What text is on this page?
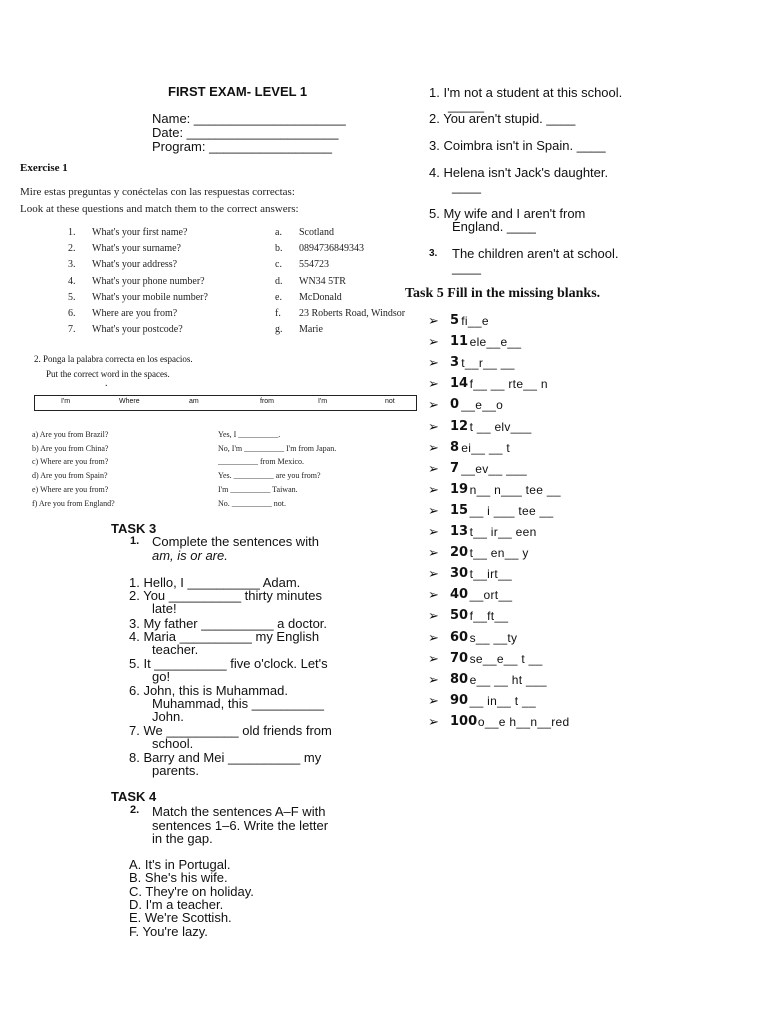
FIRST EXAM- LEVEL 1
Name: _____________________
Date: _____________________
Program: _________________
Exercise 1
Mire estas preguntas y conéctelas con las respuestas correctas:
Look at these questions and match them to the correct answers:
1. What's your first name?	a. Scotland
2. What's your surname?	b. 0894736849343
3. What's your address?	c. 554723
4. What's your phone number?	d. WN34 5TR
5. What's your mobile number?	e. McDonald
6. Where are you from?	f. 23 Roberts Road, Windsor
7. What's your postcode?	g. Marie
2. Ponga la palabra correcta en los espacios.
Put the correct word in the spaces.
.
I'm	Where	am	from	I'm	not
a) Are you from Brazil?	Yes, I __________.
b) Are you from China?	No, I'm __________ I'm from Japan.
c) Where are you from?	__________ from Mexico.
d) Are you from Spain?	Yes. __________ are you from?
e) Where are you from?	I'm __________ Taiwan.
f) Are you from England?	No. __________ not.
TASK 3
1. Complete the sentences with
am, is or are.
1. Hello, I __________ Adam.
2. You __________ thirty minutes
late!
3. My father __________ a doctor.
4. Maria __________ my English
teacher.
5. It __________ five o'clock. Let's
go!
6. John, this is Muhammad.
Muhammad, this __________
John.
7. We __________ old friends from
school.
8. Barry and Mei __________ my
parents.
TASK 4
2. Match the sentences A–F with
sentences 1–6. Write the letter
in the gap.
A. It's in Portugal.
B. She's his wife.
C. They're on holiday.
D. I'm a teacher.
E. We're Scottish.
F. You're lazy.
1. I'm not a student at this school.
_____
2. You aren't stupid. ____
3. Coimbra isn't in Spain. ____
4. Helena isn't Jack's daughter.
____
5. My wife and I aren't from
England. ____
3. The children aren't at school.
____
Task 5 Fill in the missing blanks.
➢ 5 fi__e
➢ 11 ele__e__
➢ 3 t__r__ __
➢ 14 f__ __ rte__ n
➢ 0 __e__o
➢ 12 t __ elv___
➢ 8 ei__ __ t
➢ 7 __ev__ ___
➢ 19 n__ n___ tee __
➢ 15 __ i ___ tee __
➢ 13 t__ ir__ een
➢ 20 t__ en__ y
➢ 30 t__irt__
➢ 40 __ort__
➢ 50 f__ft__
➢ 60 s__ __ty
➢ 70 se__e__ t __
➢ 80 e__ __ ht ___
➢ 90 __ in__ t __
➢ 100 o__e h__n__red
